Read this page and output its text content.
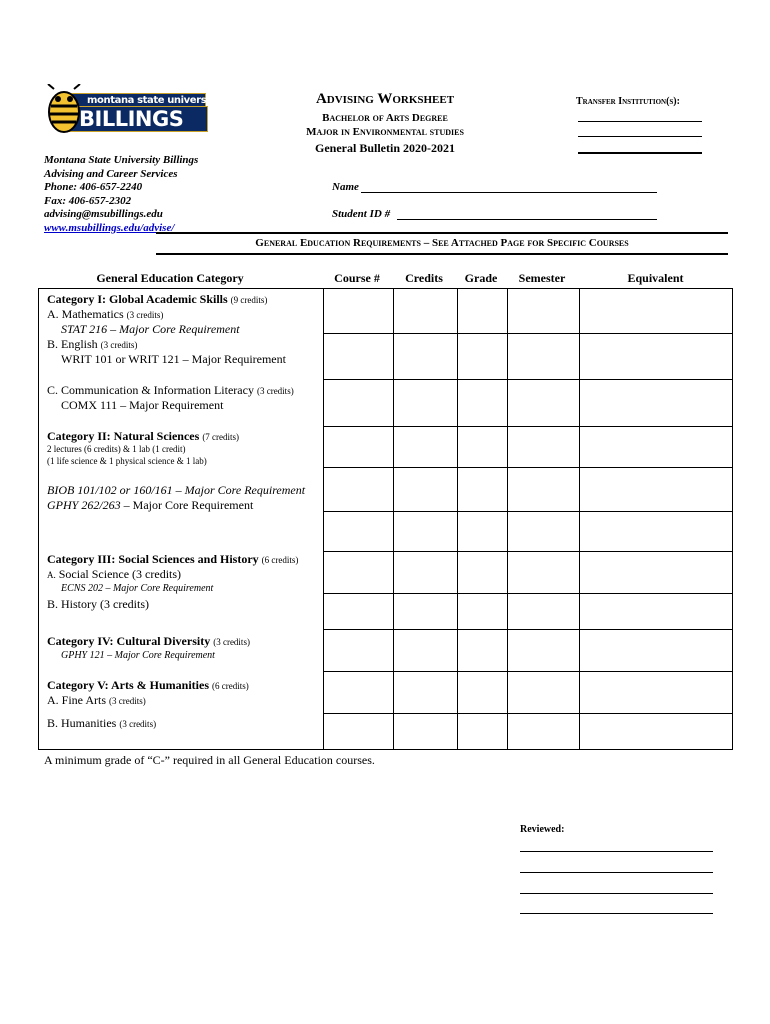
montana state university
BILLINGS
Advising Worksheet
Bachelor of Arts Degree
Major in Environmental studies
General Bulletin 2020-2021
Transfer Institution(s):
Montana State University Billings
Advising and Career Services
Phone: 406-657-2240
Fax: 406-657-2302
advising@msubillings.edu
www.msubillings.edu/advise/
Name
Student ID #
General Education Requirements – See Attached Page for Specific Courses
General Education Category	Course #	Credits	Grade	Semester	Equivalent
Category I: Global Academic Skills (9 credits)
A. Mathematics (3 credits)
STAT 216 – Major Core Requirement
B. English (3 credits)
WRIT 101 or WRIT 121 – Major Requirement
C. Communication & Information Literacy (3 credits)
COMX 111 – Major Requirement
Category II: Natural Sciences (7 credits)
2 lectures (6 credits) & 1 lab (1 credit)
(1 life science & 1 physical science & 1 lab)
BIOB 101/102 or 160/161 – Major Core Requirement
GPHY 262/263 – Major Core Requirement
Category III: Social Sciences and History (6 credits)
A. Social Science (3 credits)
ECNS 202 – Major Core Requirement
B. History (3 credits)
Category IV: Cultural Diversity (3 credits)
GPHY 121 – Major Core Requirement
Category V: Arts & Humanities (6 credits)
A. Fine Arts (3 credits)
B. Humanities (3 credits)
A minimum grade of “C-” required in all General Education courses.
Reviewed:
